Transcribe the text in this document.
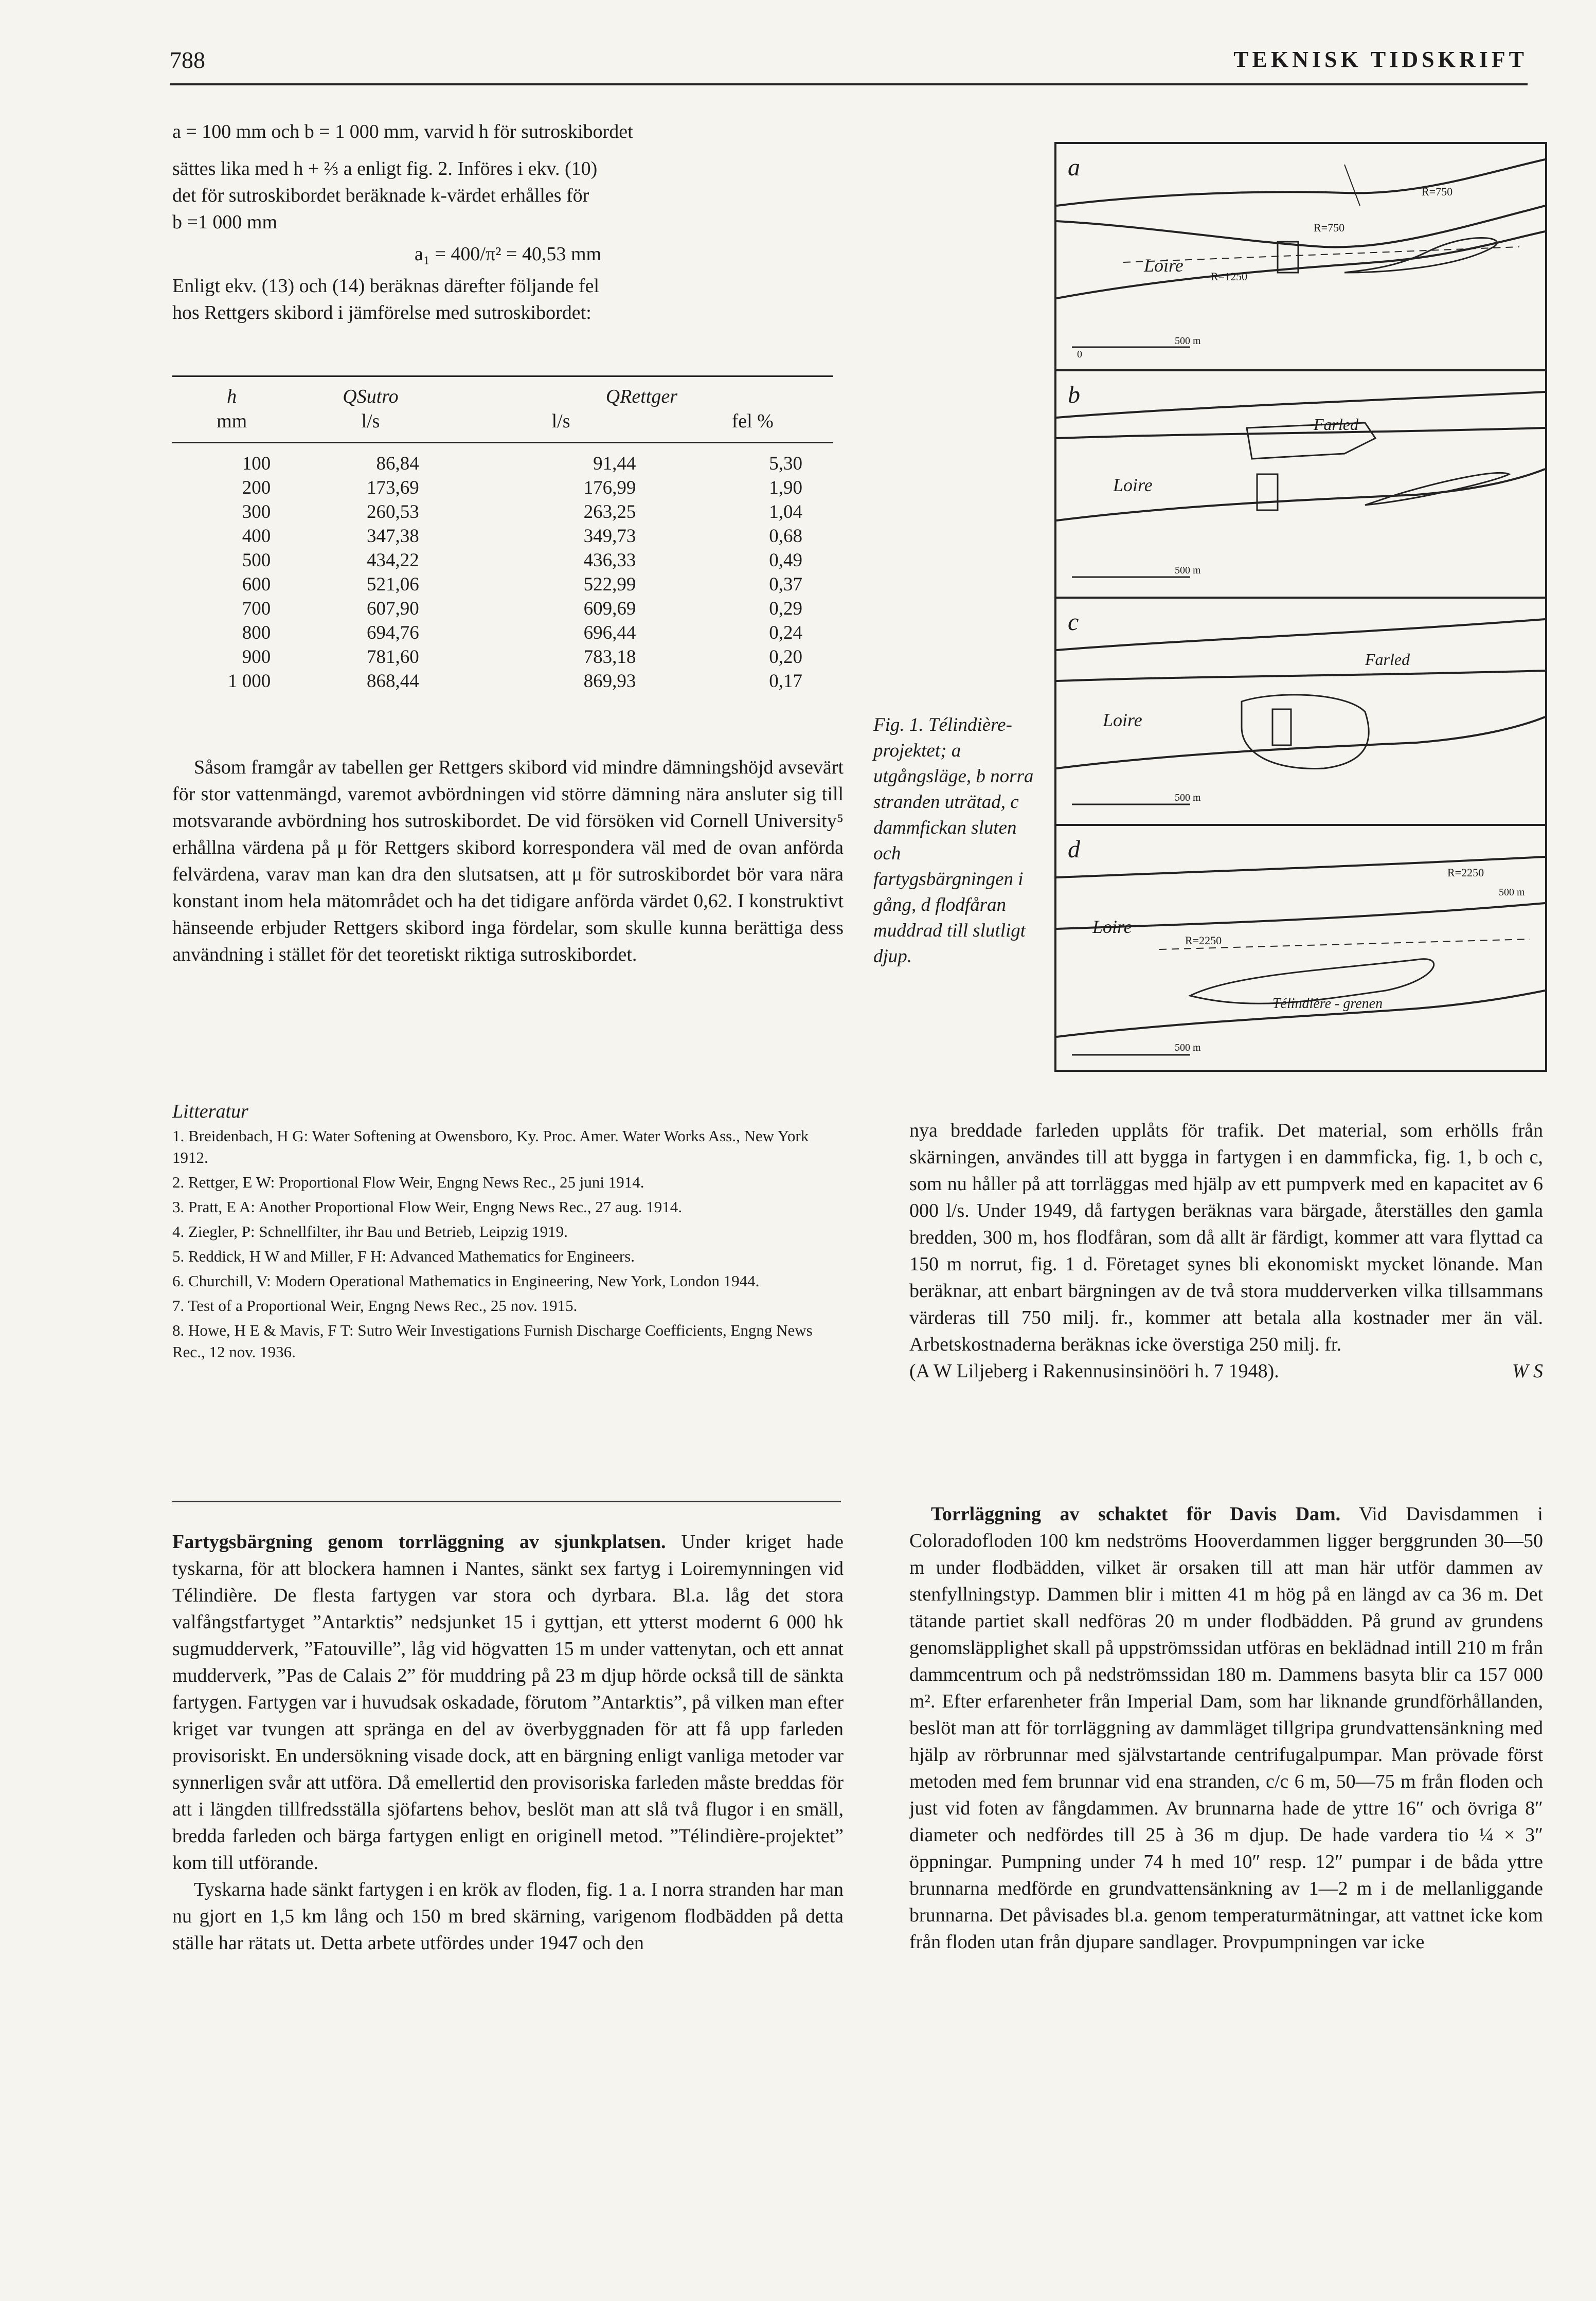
788	TEKNISK TIDSKRIFT

a = 100 mm och b = 1 000 mm, varvid h för sutroskibordet

sättes lika med h + ⅔ a enligt fig. 2. Införes i ekv. (10)

det för sutroskibordet beräknade k-värdet erhålles för

b =1 000 mm

a₁ = 400/π² = 40,53 mm

Enligt ekv. (13) och (14) beräknas därefter följande fel

hos Rettgers skibord i jämförelse med sutroskibordet:

h	QSutro	QRettger	
mm	l/s	l/s	fel %
100	86,84	91,44	5,30
200	173,69	176,99	1,90
300	260,53	263,25	1,04
400	347,38	349,73	0,68
500	434,22	436,33	0,49
600	521,06	522,99	0,37
700	607,90	609,69	0,29
800	694,76	696,44	0,24
900	781,60	783,18	0,20
1 000	868,44	869,93	0,17

Såsom framgår av tabellen ger Rettgers skibord vid mindre dämningshöjd avsevärt för stor vattenmängd, varemot avbördningen vid större dämning nära ansluter sig till motsvarande avbördning hos sutroskibordet. De vid försöken vid Cornell University⁵ erhållna värdena på μ för Rettgers skibord korrespondera väl med de ovan anförda felvärdena, varav man kan dra den slutsatsen, att μ för sutroskibordet bör vara nära konstant inom hela mätområdet och ha det tidigare anförda värdet 0,62. I konstruktivt hänseende erbjuder Rettgers skibord inga fördelar, som skulle kunna berättiga dess användning i stället för det teoretiskt riktiga sutroskibordet.

Litteratur
1. Breidenbach, H G: Water Softening at Owensboro, Ky. Proc. Amer. Water Works Ass., New York 1912.
2. Rettger, E W: Proportional Flow Weir, Engng News Rec., 25 juni 1914.
3. Pratt, E A: Another Proportional Flow Weir, Engng News Rec., 27 aug. 1914.
4. Ziegler, P: Schnellfilter, ihr Bau und Betrieb, Leipzig 1919.
5. Reddick, H W and Miller, F H: Advanced Mathematics for Engineers.
6. Churchill, V: Modern Operational Mathematics in Engineering, New York, London 1944.
7. Test of a Proportional Weir, Engng News Rec., 25 nov. 1915.
8. Howe, H E & Mavis, F T: Sutro Weir Investigations Furnish Discharge Coefficients, Engng News Rec., 12 nov. 1936.

Fartygsbärgning genom torrläggning av sjunkplatsen. Under kriget hade tyskarna, för att blockera hamnen i Nantes, sänkt sex fartyg i Loiremynningen vid Télindière. De flesta fartygen var stora och dyrbara. Bl.a. låg det stora valfångstfartyget ”Antarktis” nedsjunket 15 i gyttjan, ett ytterst modernt 6 000 hk sugmudderverk, ”Fatouville”, låg vid högvatten 15 m under vattenytan, och ett annat mudderverk, ”Pas de Calais 2” för muddring på 23 m djup hörde också till de sänkta fartygen. Fartygen var i huvudsak oskadade, förutom ”Antarktis”, på vilken man efter kriget var tvungen att spränga en del av överbyggnaden för att få upp farleden provisoriskt. En undersökning visade dock, att en bärgning enligt vanliga metoder var synnerligen svår att utföra. Då emellertid den provisoriska farleden måste breddas för att i längden tillfredsställa sjöfartens behov, beslöt man att slå två flugor i en smäll, bredda farleden och bärga fartygen enligt en originell metod. ”Télindière-projektet” kom till utförande.

Tyskarna hade sänkt fartygen i en krök av floden, fig. 1 a. I norra stranden har man nu gjort en 1,5 km lång och 150 m bred skärning, varigenom flodbädden på detta ställe har rätats ut. Detta arbete utfördes under 1947 och den

a
Loire
R=750
R=750
R=1250
0
500 m
b
Farled
Loire
500 m
c
Farled
Loire
500 m
d
Loire
R=2250
R=2250
500 m
Télindière - grenen
500 m
Fig. 1. Télindière-projektet; a utgångsläge, b norra stranden uträtad, c dammfickan sluten och fartygsbärgningen i gång, d flodfåran muddrad till slutligt djup.

nya breddade farleden upplåts för trafik. Det material, som erhölls från skärningen, användes till att bygga in fartygen i en dammficka, fig. 1, b och c, som nu håller på att torrläggas med hjälp av ett pumpverk med en kapacitet av 6 000 l/s. Under 1949, då fartygen beräknas vara bärgade, återställes den gamla bredden, 300 m, hos flodfåran, som då allt är färdigt, kommer att vara flyttad ca 150 m norrut, fig. 1 d. Företaget synes bli ekonomiskt mycket lönande. Man beräknar, att enbart bärgningen av de två stora mudderverken vilka tillsammans värderas till 750 milj. fr., kommer att betala alla kostnader mer än väl. Arbetskostnaderna beräknas icke överstiga 250 milj. fr.

(A W Liljeberg i Rakennusinsinööri h. 7 1948).	W S

Torrläggning av schaktet för Davis Dam. Vid Davisdammen i Coloradofloden 100 km nedströms Hooverdammen ligger berggrunden 30—50 m under flodbädden, vilket är orsaken till att man här utför dammen av stenfyllningstyp. Dammen blir i mitten 41 m hög på en längd av ca 36 m. Det tätande partiet skall nedföras 20 m under flodbädden. På grund av grundens genomsläpplighet skall på uppströmssidan utföras en beklädnad intill 210 m från dammcentrum och på nedströmssidan 180 m. Dammens basyta blir ca 157 000 m². Efter erfarenheter från Imperial Dam, som har liknande grundförhållanden, beslöt man att för torrläggning av dammläget tillgripa grundvattensänkning med hjälp av rörbrunnar med självstartande centrifugalpumpar. Man prövade först metoden med fem brunnar vid ena stranden, c/c 6 m, 50—75 m från floden och just vid foten av fångdammen. Av brunnarna hade de yttre 16″ och övriga 8″ diameter och nedfördes till 25 à 36 m djup. De hade vardera tio ¼ × 3″ öppningar. Pumpning under 74 h med 10″ resp. 12″ pumpar i de båda yttre brunnarna medförde en grundvattensänkning av 1—2 m i de mellanliggande brunnarna. Det påvisades bl.a. genom temperaturmätningar, att vattnet icke kom från floden utan från djupare sandlager. Provpumpningen var icke
